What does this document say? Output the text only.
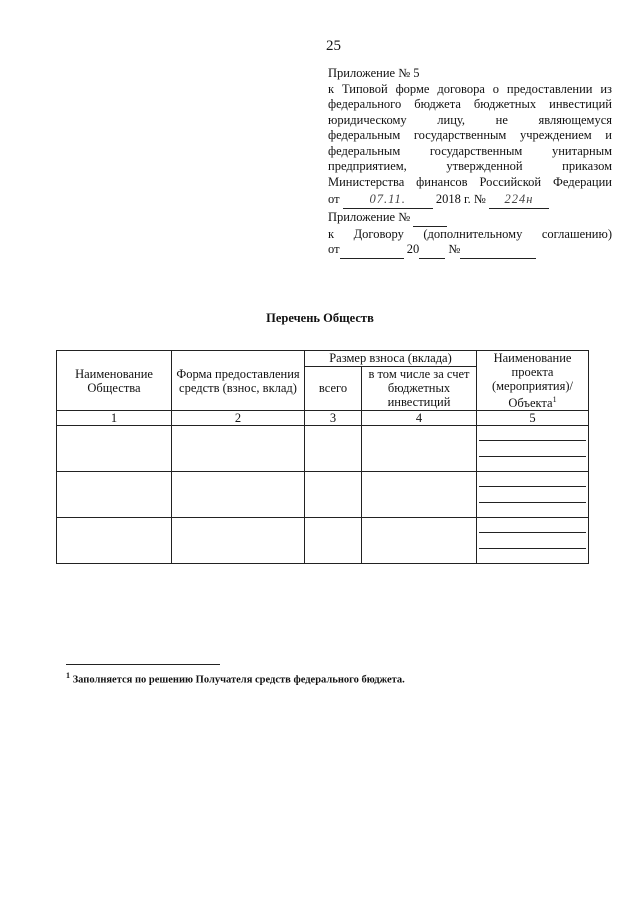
25
Приложение № 5
к Типовой форме договора о предоставлении из
федерального бюджета бюджетных инвестиций
юридическому лицу, не являющемуся
федеральным государственным учреждением и
федеральным государственным унитарным
предприятием, утвержденной приказом
Министерства финансов Российской Федерации
от 07.11. 2018 г. № 224н
Приложение №
к Договору (дополнительному соглашению)
от	20 №
Перечень Обществ
Наименование Общества	Форма предоставления средств (взнос, вклад)	Размер взноса (вклада)		Наименование проекта (мероприятия)/ Объекта$^1$
		всего	в том числе за счет бюджетных инвестиций	
1	2	3	4	5

$^1$ Заполняется по решению Получателя средств федерального бюджета.
